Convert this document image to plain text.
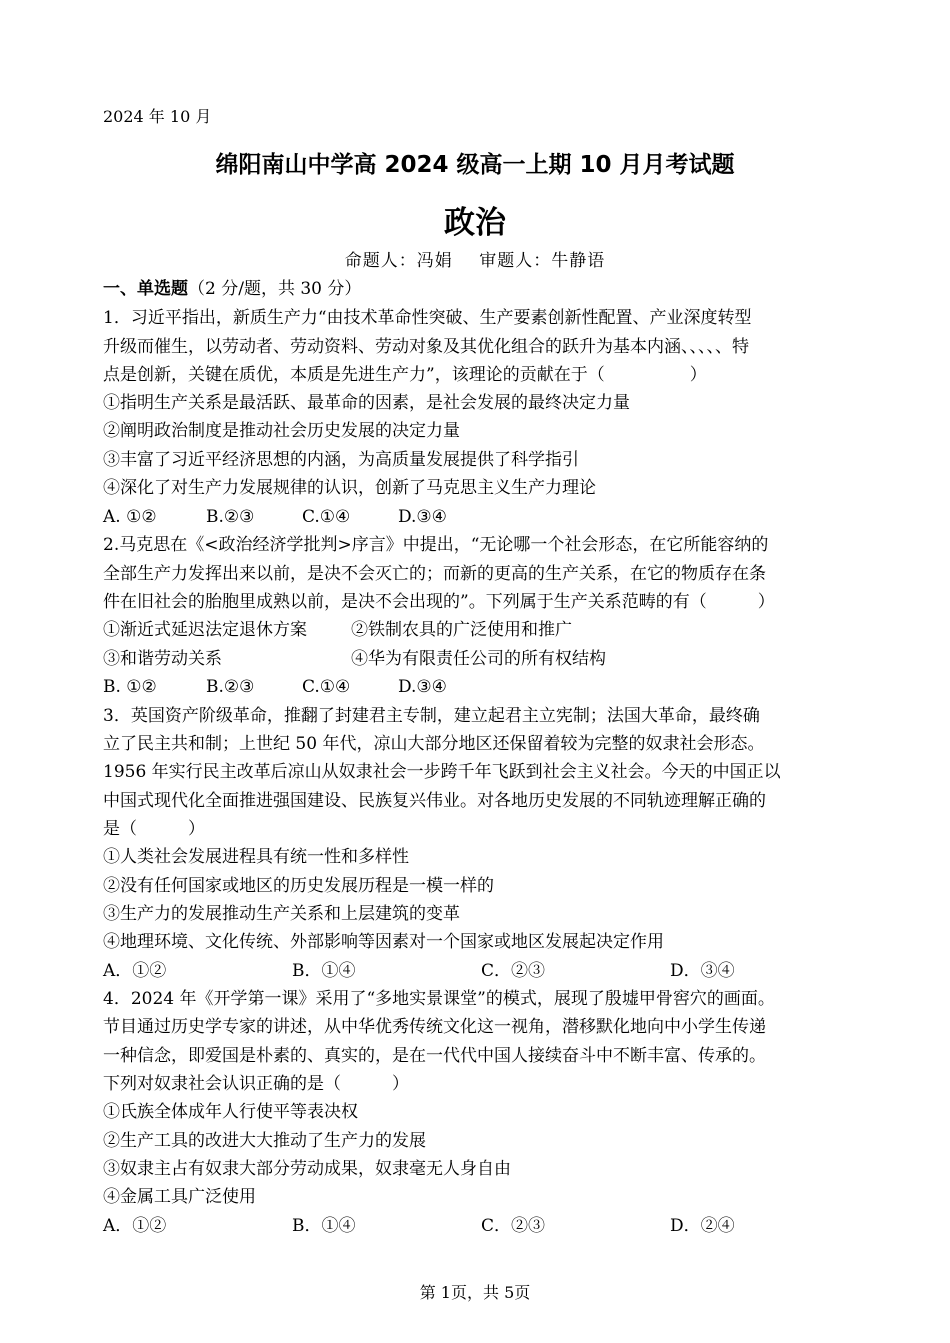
2024 年 10 月
绵阳南山中学高 2024 级高一上期 10 月月考试题
政治
命题人：冯娟 审题人：牛静语
一、单选题（2 分/题，共 30 分）
1．习近平指出，新质生产力“由技术革命性突破、生产要素创新性配置、产业深度转型
升级而催生，以劳动者、劳动资料、劳动对象及其优化组合的跃升为基本内涵、、、、、特
点是创新，关键在质优，本质是先进生产力”，该理论的贡献在于（　　　　　）
①指明生产关系是最活跃、最革命的因素，是社会发展的最终决定力量
②阐明政治制度是推动社会历史发展的决定力量
③丰富了习近平经济思想的内涵，为高质量发展提供了科学指引
④深化了对生产力发展规律的认识，创新了马克思主义生产力理论
A. ①②	B.②③	C.①④	D.③④
2.马克思在《<政治经济学批判>序言》中提出，“无论哪一个社会形态，在它所能容纳的
全部生产力发挥出来以前，是决不会灭亡的；而新的更高的生产关系，在它的物质存在条
件在旧社会的胎胞里成熟以前，是决不会出现的”。下列属于生产关系范畴的有（　　　）
①渐近式延迟法定退休方案	②铁制农具的广泛使用和推广
③和谐劳动关系	④华为有限责任公司的所有权结构
B. ①②	B.②③	C.①④	D.③④
3．英国资产阶级革命，推翻了封建君主专制，建立起君主立宪制；法国大革命，最终确
立了民主共和制；上世纪 50 年代，凉山大部分地区还保留着较为完整的奴隶社会形态。
1956 年实行民主改革后凉山从奴隶社会一步跨千年飞跃到社会主义社会。今天的中国正以
中国式现代化全面推进强国建设、民族复兴伟业。对各地历史发展的不同轨迹理解正确的
是（　　　）
①人类社会发展进程具有统一性和多样性
②没有任何国家或地区的历史发展历程是一模一样的
③生产力的发展推动生产关系和上层建筑的变革
④地理环境、文化传统、外部影响等因素对一个国家或地区发展起决定作用
A．①②	B．①④	C．②③	D．③④
4．2024 年《开学第一课》采用了“多地实景课堂”的模式，展现了殷墟甲骨窖穴的画面。
节目通过历史学专家的讲述，从中华优秀传统文化这一视角，潜移默化地向中小学生传递
一种信念，即爱国是朴素的、真实的，是在一代代中国人接续奋斗中不断丰富、传承的。
下列对奴隶社会认识正确的是（　　　）
①氏族全体成年人行使平等表决权
②生产工具的改进大大推动了生产力的发展
③奴隶主占有奴隶大部分劳动成果，奴隶毫无人身自由
④金属工具广泛使用
A．①②	B．①④	C．②③	D．②④
第 1页，共 5页
